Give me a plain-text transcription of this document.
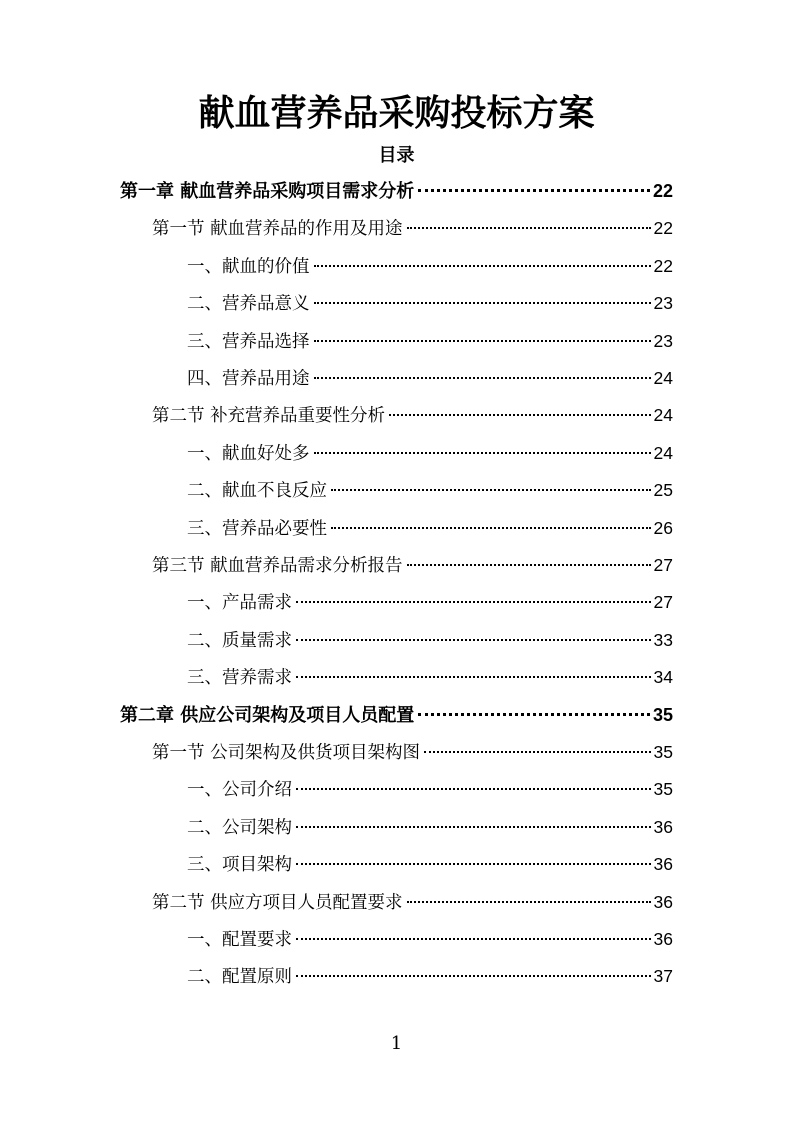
献血营养品采购投标方案
目录
第一章 献血营养品采购项目需求分析	22
第一节 献血营养品的作用及用途	22
一、献血的价值	22
二、营养品意义	23
三、营养品选择	23
四、营养品用途	24
第二节 补充营养品重要性分析	24
一、献血好处多	24
二、献血不良反应	25
三、营养品必要性	26
第三节 献血营养品需求分析报告	27
一、产品需求	27
二、质量需求	33
三、营养需求	34
第二章 供应公司架构及项目人员配置	35
第一节 公司架构及供货项目架构图	35
一、公司介绍	35
二、公司架构	36
三、项目架构	36
第二节 供应方项目人员配置要求	36
一、配置要求	36
二、配置原则	37
1
